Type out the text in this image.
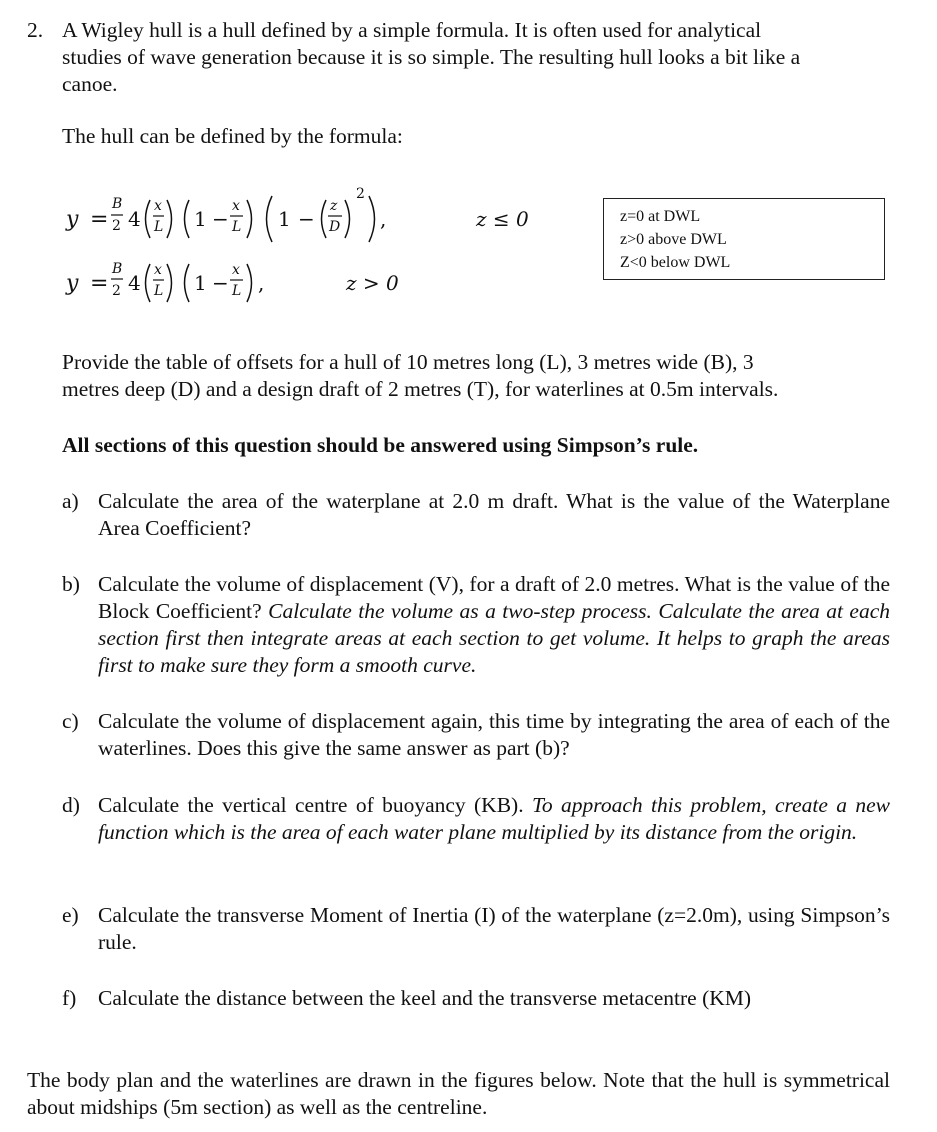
2. A Wigley hull is a hull defined by a simple formula. It is often used for analytical
studies of wave generation because it is so simple. The resulting hull looks a bit like a
canoe.
The hull can be defined by the formula:
y =
B
2 4
x
L 1 −
x
L 1 −
z
D
2
,	z ≤ 0
y =
B
2 4
x
L 1 −
x
L ,	z > 0
z=0 at DWL
z>0 above DWL
Z<0 below DWL
Provide the table of offsets for a hull of 10 metres long (L), 3 metres wide (B), 3
metres deep (D) and a design draft of 2 metres (T), for waterlines at 0.5m intervals.
All sections of this question should be answered using Simpson’s rule.
a) Calculate the area of the waterplane at 2.0 m draft. What is the value of the Waterplane Area Coefficient?
b) Calculate the volume of displacement (V), for a draft of 2.0 metres. What is the value of the Block Coefficient? Calculate the volume as a two-step process. Calculate the area at each section first then integrate areas at each section to get volume. It helps to graph the areas first to make sure they form a smooth curve.
c) Calculate the volume of displacement again, this time by integrating the area of each of the waterlines. Does this give the same answer as part (b)?
d) Calculate the vertical centre of buoyancy (KB). To approach this problem, create a new function which is the area of each water plane multiplied by its distance from the origin.
e) Calculate the transverse Moment of Inertia (I) of the waterplane (z=2.0m), using Simpson’s rule.
f) Calculate the distance between the keel and the transverse metacentre (KM)
The body plan and the waterlines are drawn in the figures below. Note that the hull is symmetrical about midships (5m section) as well as the centreline.
